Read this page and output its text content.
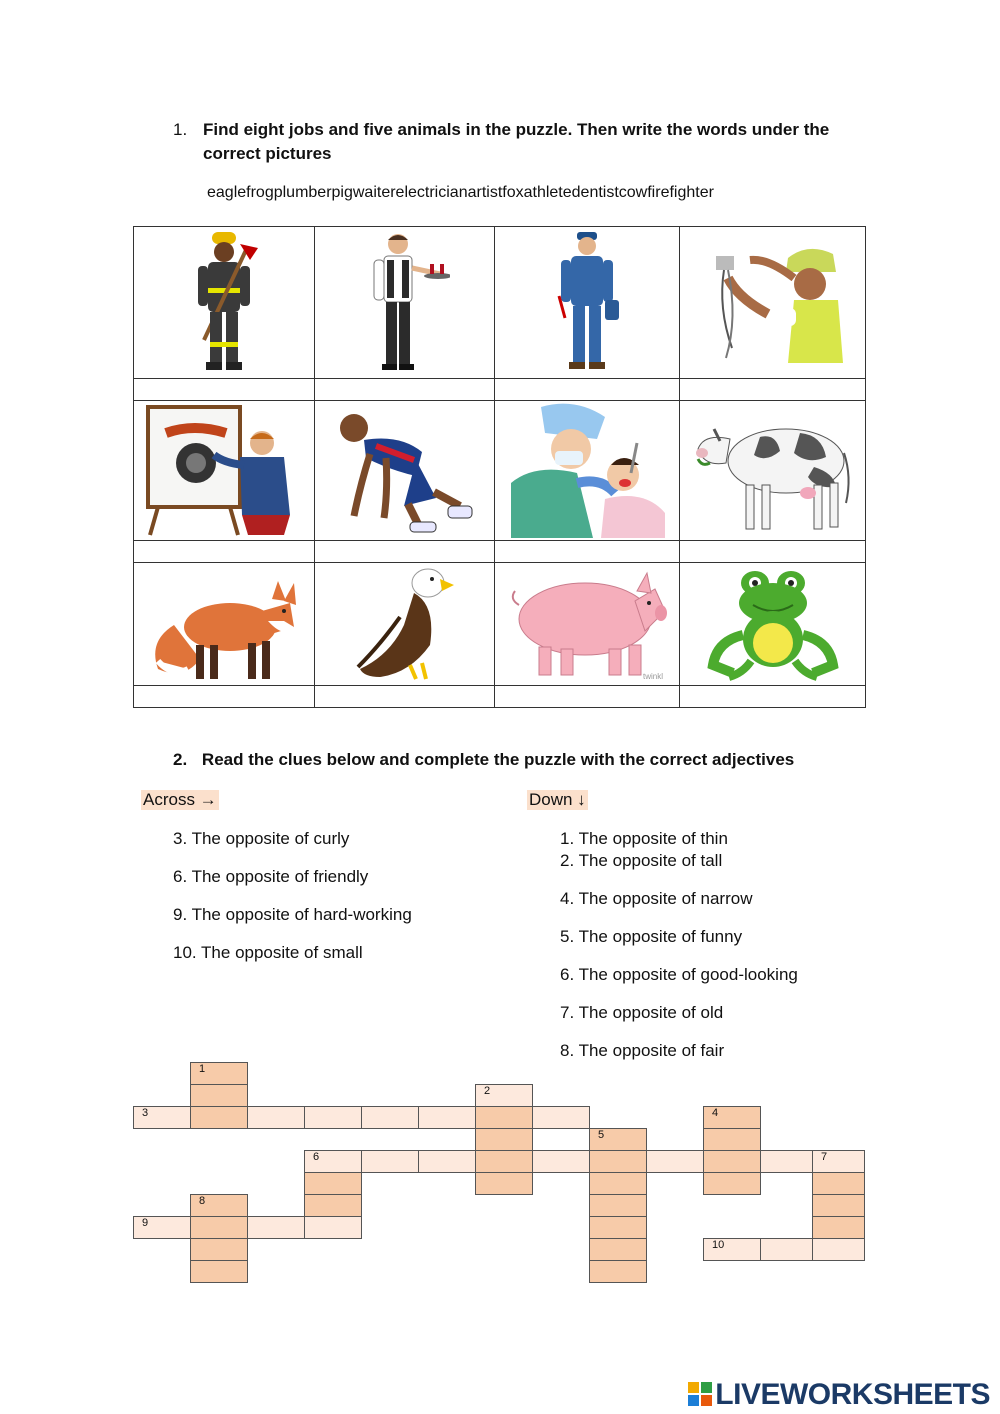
1. Find eight jobs and five animals in the puzzle. Then write the words under the correct pictures
eaglefrogplumberpigwaiterelectricianartistfoxathletedentistcowfirefighter

twinkl

2. Read the clues below and complete the puzzle with the correct adjectives
Across →	Down ↓
3. The opposite of curly
6. The opposite of friendly
9. The opposite of hard-working
10. The opposite of small
1. The opposite of thin
2. The opposite of tall
4. The opposite of narrow
5. The opposite of funny
6. The opposite of good-looking
7. The opposite of old
8. The opposite of fair
1
2
3	4
5
6	7
8
9
10
LIVEWORKSHEETS
